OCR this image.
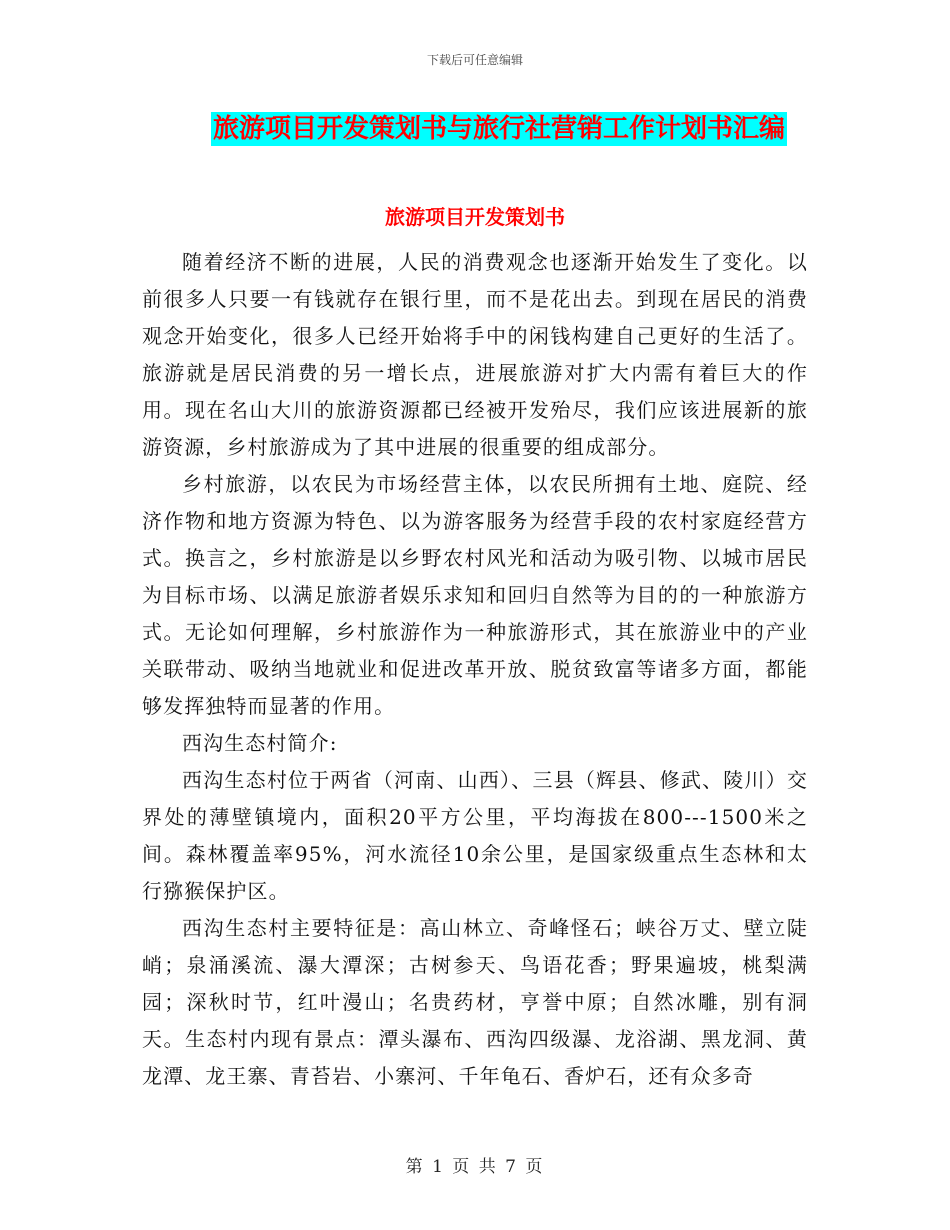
下载后可任意编辑
旅游项目开发策划书与旅行社营销工作计划书汇编
旅游项目开发策划书

随着经济不断的进展，人民的消费观念也逐渐开始发生了变化。以前很多人只要一有钱就存在银行里，而不是花出去。到现在居民的消费观念开始变化，很多人已经开始将手中的闲钱构建自己更好的生活了。旅游就是居民消费的另一增长点，进展旅游对扩大内需有着巨大的作用。现在名山大川的旅游资源都已经被开发殆尽，我们应该进展新的旅游资源，乡村旅游成为了其中进展的很重要的组成部分。

乡村旅游，以农民为市场经营主体，以农民所拥有土地、庭院、经济作物和地方资源为特色、以为游客服务为经营手段的农村家庭经营方式。换言之，乡村旅游是以乡野农村风光和活动为吸引物、以城市居民为目标市场、以满足旅游者娱乐求知和回归自然等为目的的一种旅游方式。无论如何理解，乡村旅游作为一种旅游形式，其在旅游业中的产业关联带动、吸纳当地就业和促进改革开放、脱贫致富等诸多方面，都能够发挥独特而显著的作用。

西沟生态村简介:

西沟生态村位于两省（河南、山西）、三县（辉县、修武、陵川）交界处的薄壁镇境内，面积20平方公里，平均海拔在800---1500米之间。森林覆盖率95%，河水流径10余公里，是国家级重点生态林和太行猕猴保护区。

西沟生态村主要特征是：高山林立、奇峰怪石；峡谷万丈、壁立陡峭；泉涌溪流、瀑大潭深；古树参天、鸟语花香；野果遍坡，桃梨满园；深秋时节，红叶漫山；名贵药材，亨誉中原；自然冰雕，别有洞天。生态村内现有景点：潭头瀑布、西沟四级瀑、龙浴湖、黑龙洞、黄龙潭、龙王寨、青苔岩、小寨河、千年龟石、香炉石，还有众多奇

第 1 页 共 7 页
